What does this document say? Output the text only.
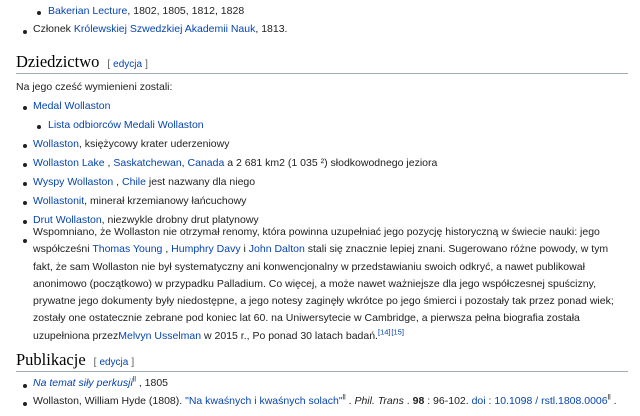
Bakerian Lecture, 1802, 1805, 1812, 1828
Członek Królewskiej Szwedzkiej Akademii Nauk, 1813.
Dziedzictwo [ edycja ]
Na jego cześć wymienieni zostali:
Medal Wollaston
Lista odbiorców Medali Wollaston
Wollaston, księżycowy krater uderzeniowy
Wollaston Lake , Saskatchewan, Canada a 2 681 km2 (1 035 ²) słodkowodnego jeziora
Wyspy Wollaston , Chile jest nazwany dla niego
Wollastonit, minerał krzemianowy łańcuchowy
Drut Wollaston, niezwykle drobny drut platynowy
Wspomniano, że Wollaston nie otrzymał renomy, która powinna uzupełniać jego pozycję historyczną w świecie nauki: jego współcześni Thomas Young , Humphry Davy i John Dalton stali się znacznie lepiej znani. Sugerowano różne powody, w tym fakt, że sam Wollaston nie był systematyczny ani konwencjonalny w przedstawianiu swoich odkryć, a nawet publikował anonimowo (początkowo) w przypadku Palladium. Co więcej, a może nawet ważniejsze dla jego współczesnej spuścizny, prywatne jego dokumenty były niedostępne, a jego notesy zaginęły wkrótce po jego śmierci i pozostały tak przez ponad wiek; zostały one ostatecznie zebrane pod koniec lat 60. na Uniwersytecie w Cambridge, a pierwsza pełna biografia została uzupełniona przezMelvyn Usselman w 2015 r., Po ponad 30 latach badań.[14] [15]
Publikacje [ edycja ]
Na temat siły perkusji$^{ll}$ , 1805
Wollaston, William Hyde (1808). "Na kwaśnych i kwaśnych solach"$^{ll}$ . Phil. Trans . 98 : 96-102. doi : 10.1098 / rstl.1808.0006$^{ll}$ .
